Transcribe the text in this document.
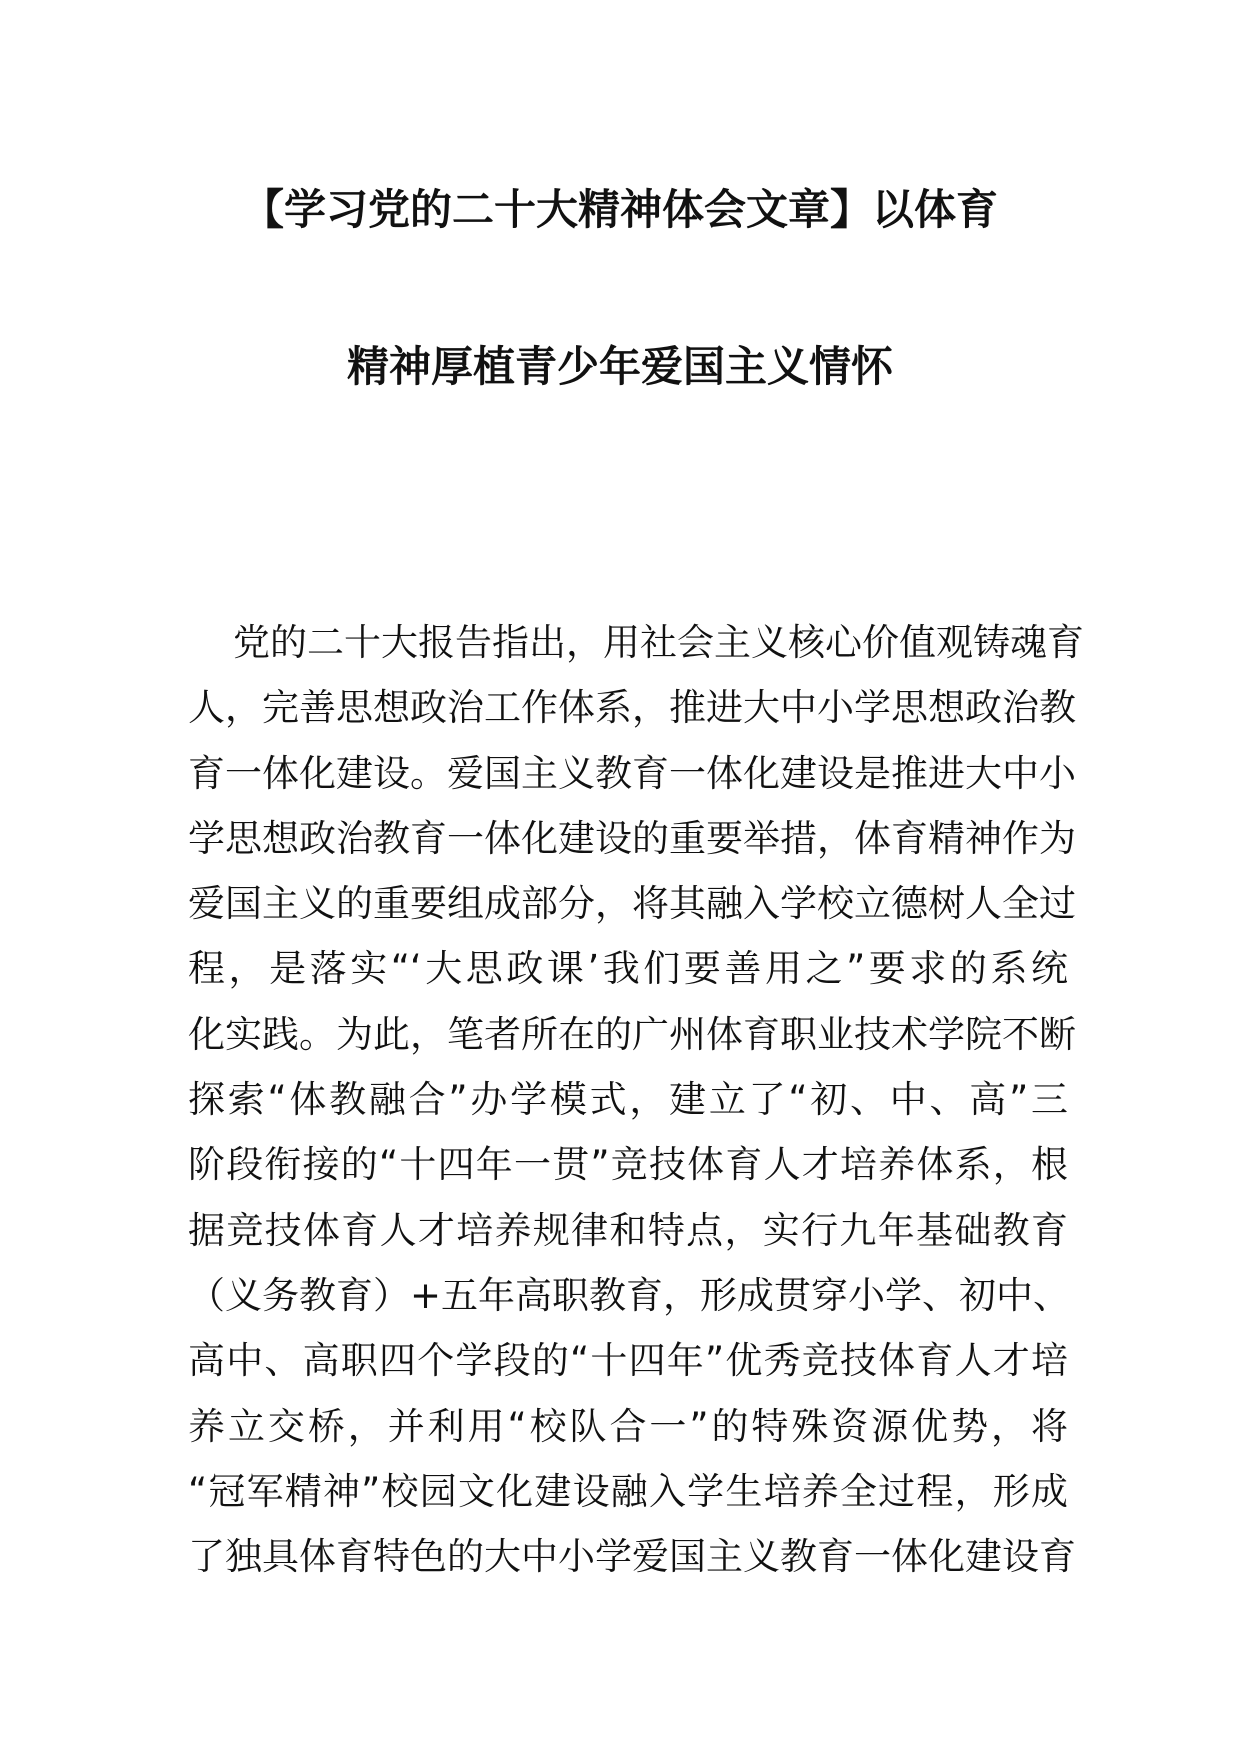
【学习党的二十大精神体会文章】以体育
精神厚植青少年爱国主义情怀
党的二十大报告指出，用社会主义核心价值观铸魂育
人，完善思想政治工作体系，推进大中小学思想政治教
育一体化建设。爱国主义教育一体化建设是推进大中小
学思想政治教育一体化建设的重要举措，体育精神作为
爱国主义的重要组成部分，将其融入学校立德树人全过
程，是落实“‘大思政课’我们要善用之”要求的系统
化实践。为此，笔者所在的广州体育职业技术学院不断
探索“体教融合”办学模式，建立了“初、中、高”三
阶段衔接的“十四年一贯”竞技体育人才培养体系，根
据竞技体育人才培养规律和特点，实行九年基础教育
（义务教育）+五年高职教育，形成贯穿小学、初中、
高中、高职四个学段的“十四年”优秀竞技体育人才培
养立交桥，并利用“校队合一”的特殊资源优势，将
“冠军精神”校园文化建设融入学生培养全过程，形成
了独具体育特色的大中小学爱国主义教育一体化建设育
